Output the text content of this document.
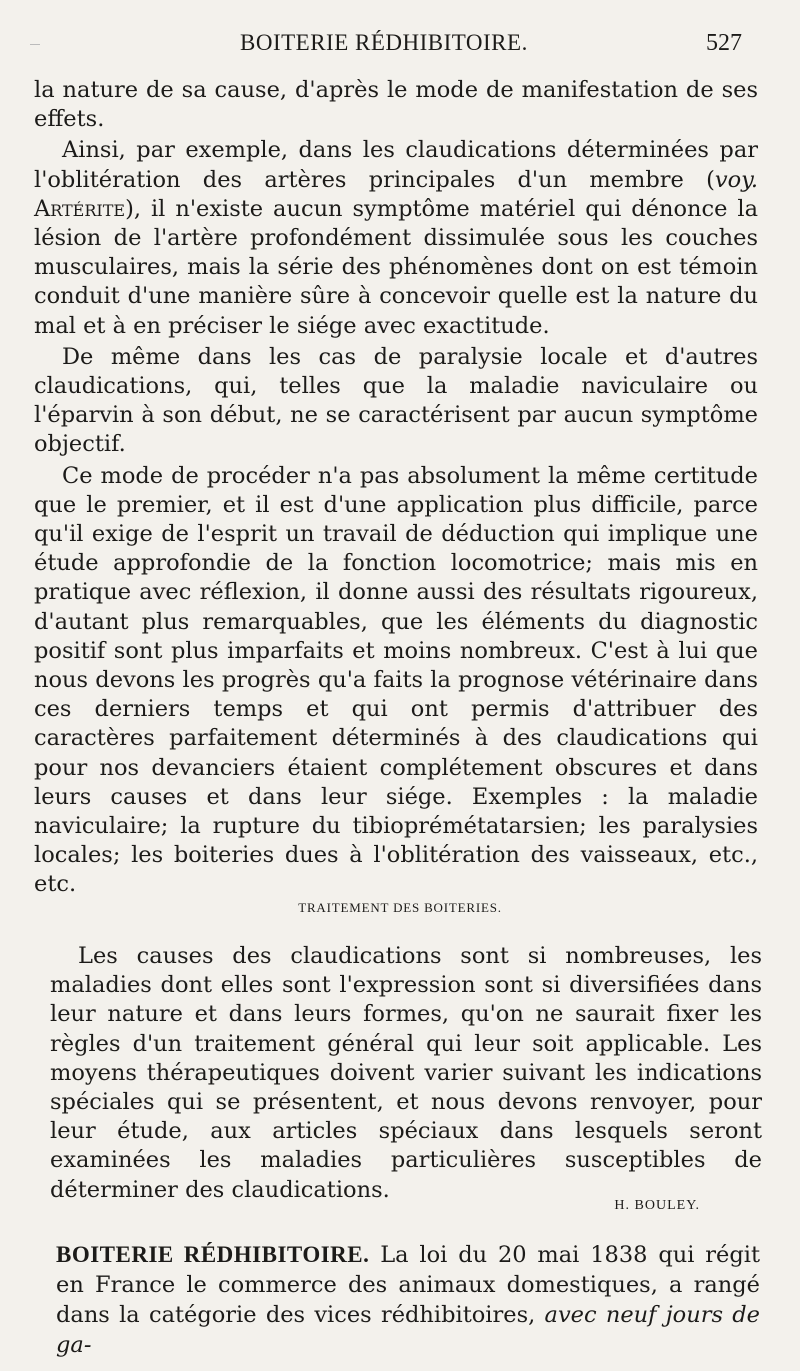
BOITERIE RÉDHIBITOIRE.	527

la nature de sa cause, d'après le mode de manifestation de ses effets.

Ainsi, par exemple, dans les claudications déterminées par l'oblitération des artères principales d'un membre (voy. Artérite), il n'existe aucun symptôme matériel qui dénonce la lésion de l'artère profondément dissimulée sous les couches musculaires, mais la série des phénomènes dont on est témoin conduit d'une manière sûre à concevoir quelle est la nature du mal et à en préciser le siége avec exactitude.

De même dans les cas de paralysie locale et d'autres claudications, qui, telles que la maladie naviculaire ou l'éparvin à son début, ne se caractérisent par aucun symptôme objectif.

Ce mode de procéder n'a pas absolument la même certitude que le premier, et il est d'une application plus difficile, parce qu'il exige de l'esprit un travail de déduction qui implique une étude approfondie de la fonction locomotrice; mais mis en pratique avec réflexion, il donne aussi des résultats rigoureux, d'autant plus remarquables, que les éléments du diagnostic positif sont plus imparfaits et moins nombreux. C'est à lui que nous devons les progrès qu'a faits la prognose vétérinaire dans ces derniers temps et qui ont permis d'attribuer des caractères parfaitement déterminés à des claudications qui pour nos devanciers étaient complétement obscures et dans leurs causes et dans leur siége. Exemples : la maladie naviculaire; la rupture du tibioprémétatarsien; les paralysies locales; les boiteries dues à l'oblitération des vaisseaux, etc., etc.

TRAITEMENT DES BOITERIES.

Les causes des claudications sont si nombreuses, les maladies dont elles sont l'expression sont si diversifiées dans leur nature et dans leurs formes, qu'on ne saurait fixer les règles d'un traitement général qui leur soit applicable. Les moyens thérapeutiques doivent varier suivant les indications spéciales qui se présentent, et nous devons renvoyer, pour leur étude, aux articles spéciaux dans lesquels seront examinées les maladies particulières susceptibles de déterminer des claudications.

H. BOULEY.
BOITERIE RÉDHIBITOIRE. La loi du 20 mai 1838 qui régit en France le commerce des animaux domestiques, a rangé dans la catégorie des vices rédhibitoires, avec neuf jours de ga-
